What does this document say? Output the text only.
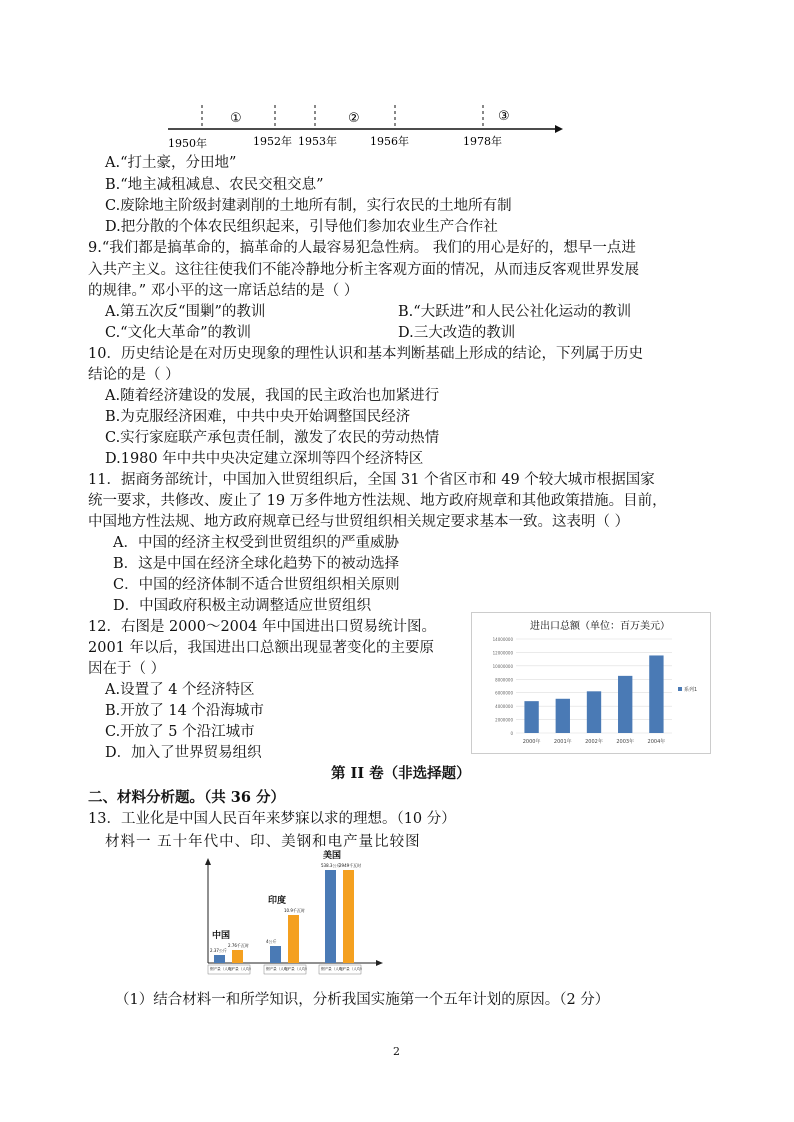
①	②	③
1950年	1952年 1953年	1956年	1978年
A.“打土豪，分田地”
B.“地主减租减息、农民交租交息”
C.废除地主阶级封建剥削的土地所有制，实行农民的土地所有制
D.把分散的个体农民组织起来，引导他们参加农业生产合作社
9.“我们都是搞革命的，搞革命的人最容易犯急性病。 我们的用心是好的，想早一点进
入共产主义。这往往使我们不能冷静地分析主客观方面的情况，从而违反客观世界发展
的规律。” 邓小平的这一席话总结的是（ ）
A.第五次反“围剿”的教训	B.“大跃进”和人民公社化运动的教训
C.“文化大革命”的教训	D.三大改造的教训
10．历史结论是在对历史现象的理性认识和基本判断基础上形成的结论，下列属于历史
结论的是（ ）
A.随着经济建设的发展，我国的民主政治也加紧进行
B.为克服经济困难，中共中央开始调整国民经济
C.实行家庭联产承包责任制，激发了农民的劳动热情
D.1980 年中共中央决定建立深圳等四个经济特区
11．据商务部统计，中国加入世贸组织后，全国 31 个省区市和 49 个较大城市根据国家
统一要求，共修改、废止了 19 万多件地方性法规、地方政府规章和其他政策措施。目前，
中国地方性法规、地方政府规章已经与世贸组织相关规定要求基本一致。这表明（ ）
A．中国的经济主权受到世贸组织的严重威胁
B．这是中国在经济全球化趋势下的被动选择
C．中国的经济体制不适合世贸组织相关原则
D．中国政府积极主动调整适应世贸组织
12．右图是 2000～2004 年中国进出口贸易统计图。
2001 年以后，我国进出口总额出现显著变化的主要原
因在于（ ）
A.设置了 4 个经济特区
B.开放了 14 个沿海城市
C.开放了 5 个沿江城市
D．加入了世界贸易组织
进出口总额（单位：百万美元）
0
2000000
4000000
6000000
8000000
10000000
12000000
14000000
2000年	2001年	2002年	2003年	2004年
系列1
第 II 卷（非选择题）
二、材料分析题。（共 36 分）
13．工业化是中国人民百年来梦寐以求的理想。（10 分）
材料一 五十年代中、印、美钢和电产量比较图
中国
2.37公斤
2.76千瓦时
钢产量（人均）
电产量（人均）
印度
4公斤
10.9千瓦时
钢产量（人均）
电产量（人均）
美国
538.3公斤
2949千瓦时
钢产量（人均）
电产量（人均）
（1）结合材料一和所学知识，分析我国实施第一个五年计划的原因。（2 分）
2
